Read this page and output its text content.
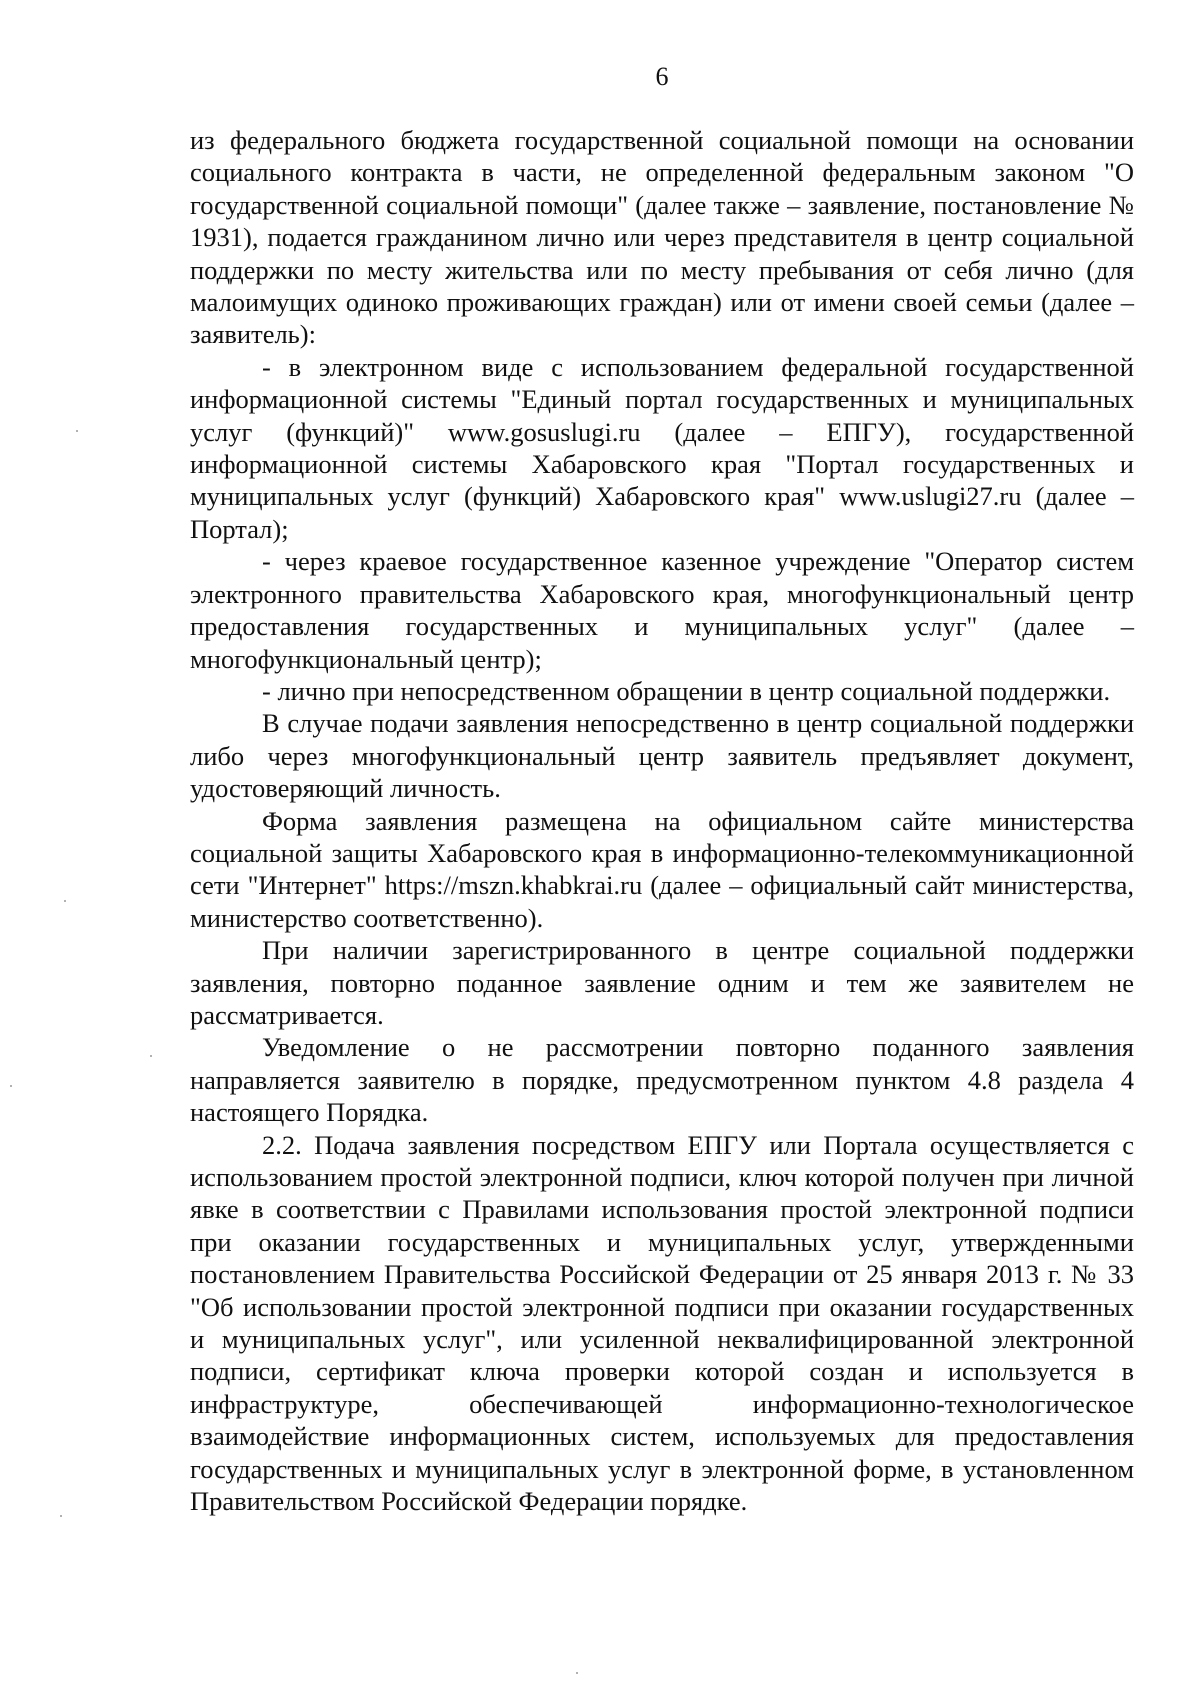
6

из федерального бюджета государственной социальной помощи на основании социального контракта в части, не определенной федеральным законом "О государственной социальной помощи" (далее также – заявление, постановление № 1931), подается гражданином лично или через представителя в центр социальной поддержки по месту жительства или по месту пребывания от себя лично (для малоимущих одиноко проживающих граждан) или от имени своей семьи (далее – заявитель):

- в электронном виде с использованием федеральной государственной информационной системы "Единый портал государственных и муниципальных услуг (функций)" www.gosuslugi.ru (далее – ЕПГУ), государственной информационной системы Хабаровского края "Портал государственных и муниципальных услуг (функций) Хабаровского края" www.uslugi27.ru (далее – Портал);

- через краевое государственное казенное учреждение "Оператор систем электронного правительства Хабаровского края, многофункциональный центр предоставления государственных и муниципальных услуг" (далее – многофункциональный центр);

- лично при непосредственном обращении в центр социальной поддержки.

В случае подачи заявления непосредственно в центр социальной поддержки либо через многофункциональный центр заявитель предъявляет документ, удостоверяющий личность.

Форма заявления размещена на официальном сайте министерства социальной защиты Хабаровского края в информационно-телекоммуникационной сети "Интернет" https://mszn.khabkrai.ru (далее – официальный сайт министерства, министерство соответственно).

При наличии зарегистрированного в центре социальной поддержки заявления, повторно поданное заявление одним и тем же заявителем не рассматривается.

Уведомление о не рассмотрении повторно поданного заявления направляется заявителю в порядке, предусмотренном пунктом 4.8 раздела 4 настоящего Порядка.

2.2. Подача заявления посредством ЕПГУ или Портала осуществляется с использованием простой электронной подписи, ключ которой получен при личной явке в соответствии с Правилами использования простой электронной подписи при оказании государственных и муниципальных услуг, утвержденными постановлением Правительства Российской Федерации от 25 января 2013 г. № 33 "Об использовании простой электронной подписи при оказании государственных и муниципальных услуг", или усиленной неквалифицированной электронной подписи, сертификат ключа проверки которой создан и используется в инфраструктуре, обеспечивающей информационно-технологическое взаимодействие информационных систем, используемых для предоставления государственных и муниципальных услуг в электронной форме, в установленном Правительством Российской Федерации порядке.
